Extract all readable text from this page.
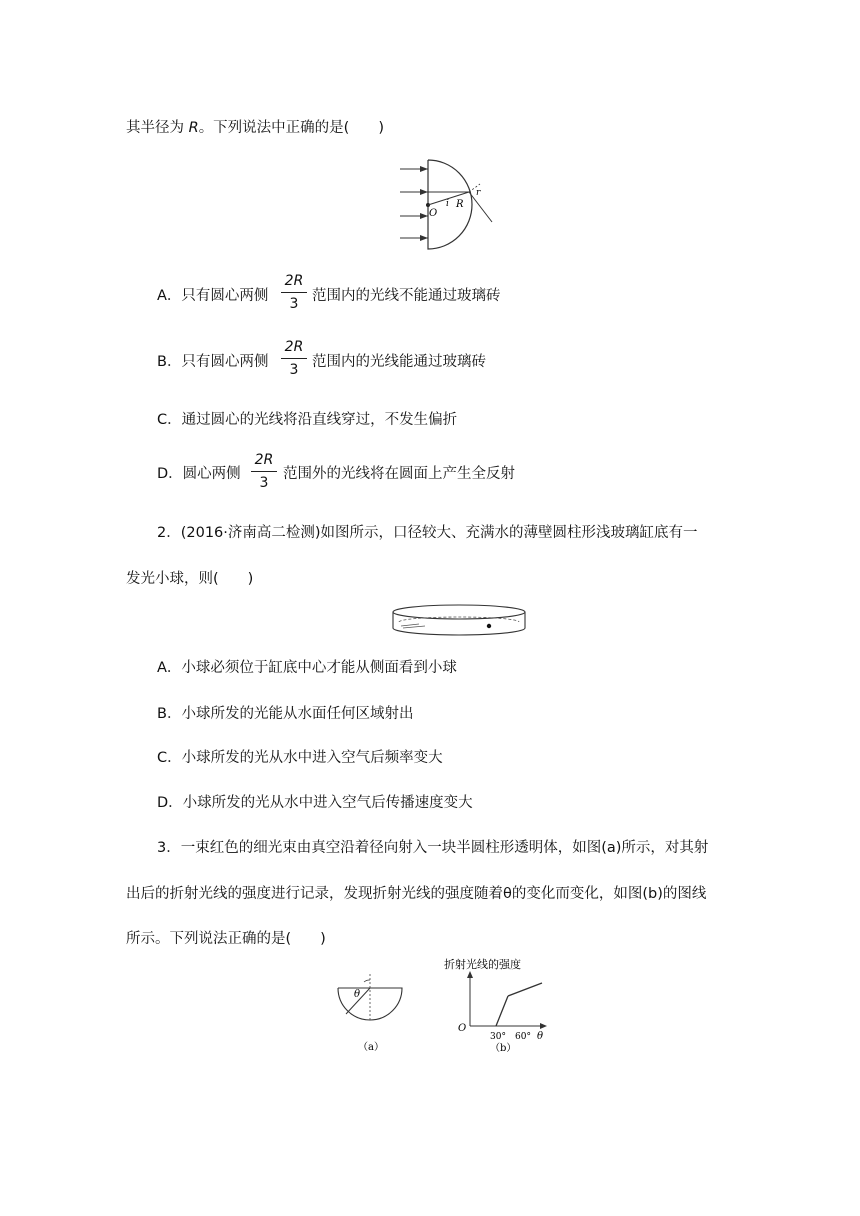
其半径为 R。下列说法中正确的是(　　)
O
i R
r
A．只有圆心两侧
2R
3 范围内的光线不能通过玻璃砖
B．只有圆心两侧
2R
3 范围内的光线能通过玻璃砖
C．通过圆心的光线将沿直线穿过，不发生偏折
D．圆心两侧
2R
3
范围外的光线将在圆面上产生全反射
2．(2016·济南高二检测)如图所示，口径较大、充满水的薄壁圆柱形浅玻璃缸底有一
发光小球，则(　　)
A．小球必须位于缸底中心才能从侧面看到小球
B．小球所发的光能从水面任何区域射出
C．小球所发的光从水中进入空气后频率变大
D．小球所发的光从水中进入空气后传播速度变大
3．一束红色的细光束由真空沿着径向射入一块半圆柱形透明体，如图(a)所示，对其射
出后的折射光线的强度进行记录，发现折射光线的强度随着θ的变化而变化，如图(b)的图线
所示。下列说法正确的是(　　)
θ
（a）
折射光线的强度
O
30° 60° θ
（b）
